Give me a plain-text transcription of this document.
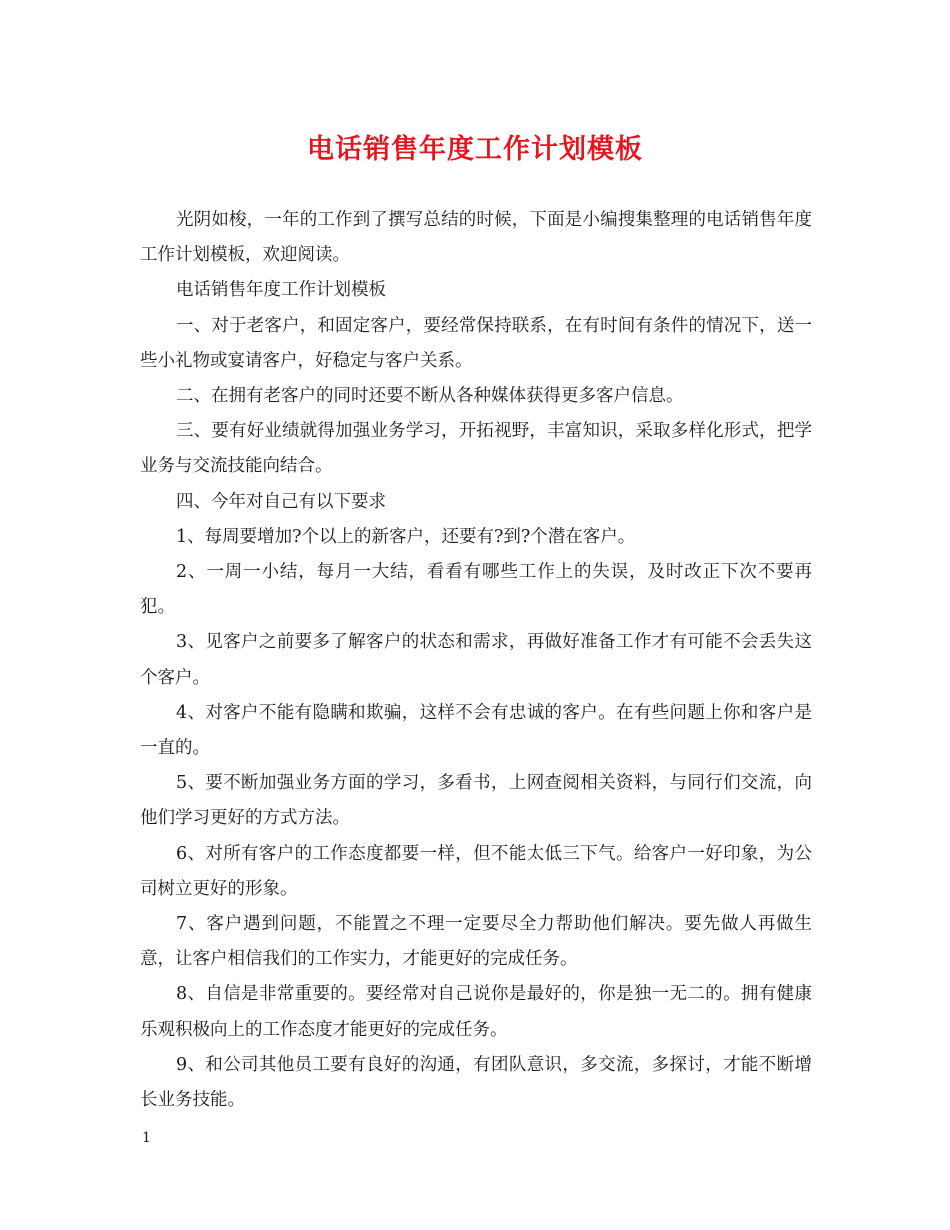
电话销售年度工作计划模板

光阴如梭，一年的工作到了撰写总结的时候，下面是小编搜集整理的电话销售年度工作计划模板，欢迎阅读。

电话销售年度工作计划模板

一、对于老客户，和固定客户，要经常保持联系，在有时间有条件的情况下，送一些小礼物或宴请客户，好稳定与客户关系。

二、在拥有老客户的同时还要不断从各种媒体获得更多客户信息。

三、要有好业绩就得加强业务学习，开拓视野，丰富知识，采取多样化形式，把学业务与交流技能向结合。

四、今年对自己有以下要求

1、每周要增加?个以上的新客户，还要有?到?个潜在客户。

2、一周一小结，每月一大结，看看有哪些工作上的失误，及时改正下次不要再犯。

3、见客户之前要多了解客户的状态和需求，再做好准备工作才有可能不会丢失这个客户。

4、对客户不能有隐瞒和欺骗，这样不会有忠诚的客户。在有些问题上你和客户是一直的。

5、要不断加强业务方面的学习，多看书，上网查阅相关资料，与同行们交流，向他们学习更好的方式方法。

6、对所有客户的工作态度都要一样，但不能太低三下气。给客户一好印象，为公司树立更好的形象。

7、客户遇到问题，不能置之不理一定要尽全力帮助他们解决。要先做人再做生意，让客户相信我们的工作实力，才能更好的完成任务。

8、自信是非常重要的。要经常对自己说你是最好的，你是独一无二的。拥有健康乐观积极向上的工作态度才能更好的完成任务。

9、和公司其他员工要有良好的沟通，有团队意识，多交流，多探讨，才能不断增长业务技能。

1
